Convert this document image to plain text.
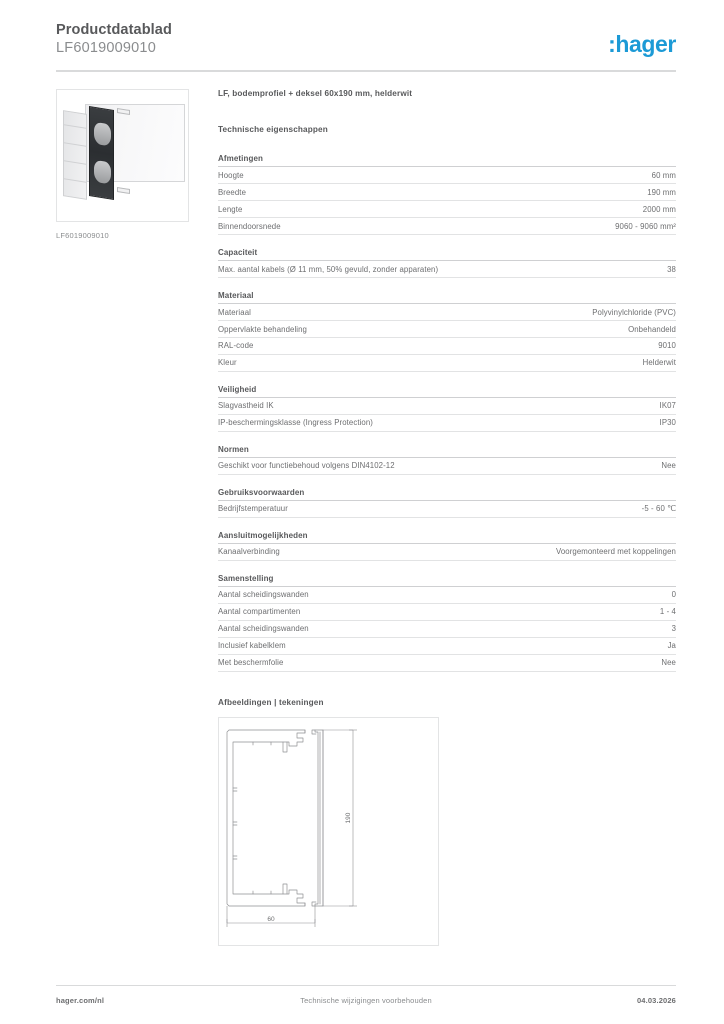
Productdatablad
LF6019009010	:hager
LF6019009010
LF, bodemprofiel + deksel 60x190 mm, helderwit
Technische eigenschappen
Afmetingen
Hoogte	60 mm
Breedte	190 mm
Lengte	2000 mm
Binnendoorsnede	9060 - 9060 mm²
Capaciteit
Max. aantal kabels (Ø 11 mm, 50% gevuld, zonder apparaten)	38
Materiaal
Materiaal	Polyvinylchloride (PVC)
Oppervlakte behandeling	Onbehandeld
RAL-code	9010
Kleur	Helderwit
Veiligheid
Slagvastheid IK	IK07
IP-beschermingsklasse (Ingress Protection)	IP30
Normen
Geschikt voor functiebehoud volgens DIN4102-12	Nee
Gebruiksvoorwaarden
Bedrijfstemperatuur	-5 - 60 ℃
Aansluitmogelijkheden
Kanaalverbinding	Voorgemonteerd met koppelingen
Samenstelling
Aantal scheidingswanden	0
Aantal compartimenten	1 - 4
Aantal scheidingswanden	3
Inclusief kabelklem	Ja
Met beschermfolie	Nee
Afbeeldingen | tekeningen
190
60
hager.com/nl	Technische wijzigingen voorbehouden	04.03.2026
